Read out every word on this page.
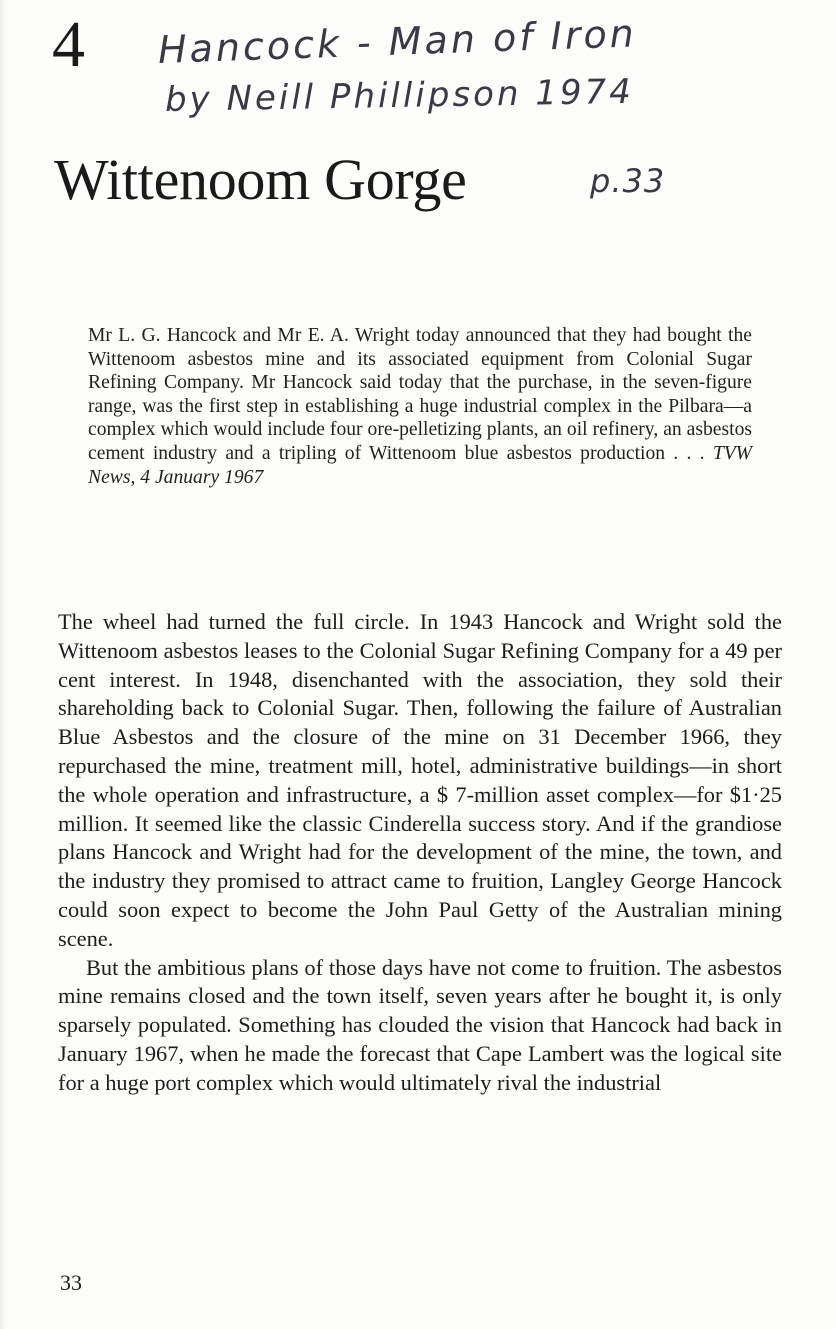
4 Hancock - Man of Iron
by Neill Phillipson 1974
Wittenoom Gorge	p.33
Mr L. G. Hancock and Mr E. A. Wright today announced that they had bought the Wittenoom asbestos mine and its associated equipment from Colonial Sugar Refining Company. Mr Hancock said today that the purchase, in the seven-figure range, was the first step in establishing a huge industrial complex in the Pilbara—a complex which would include four ore-pelletizing plants, an oil refinery, an asbestos cement industry and a tripling of Wittenoom blue asbestos production . . . TVW News, 4 January 1967

The wheel had turned the full circle. In 1943 Hancock and Wright sold the Wittenoom asbestos leases to the Colonial Sugar Refining Company for a 49 per cent interest. In 1948, disenchanted with the association, they sold their shareholding back to Colonial Sugar. Then, following the failure of Australian Blue Asbestos and the closure of the mine on 31 December 1966, they repurchased the mine, treatment mill, hotel, administrative buildings—in short the whole operation and infrastructure, a $ 7-million asset complex—for $1·25 million. It seemed like the classic Cinderella success story. And if the grandiose plans Hancock and Wright had for the development of the mine, the town, and the industry they promised to attract came to fruition, Langley George Hancock could soon expect to become the John Paul Getty of the Australian mining scene.

But the ambitious plans of those days have not come to fruition. The asbestos mine remains closed and the town itself, seven years after he bought it, is only sparsely populated. Something has clouded the vision that Hancock had back in January 1967, when he made the forecast that Cape Lambert was the logical site for a huge port complex which would ultimately rival the industrial

33
